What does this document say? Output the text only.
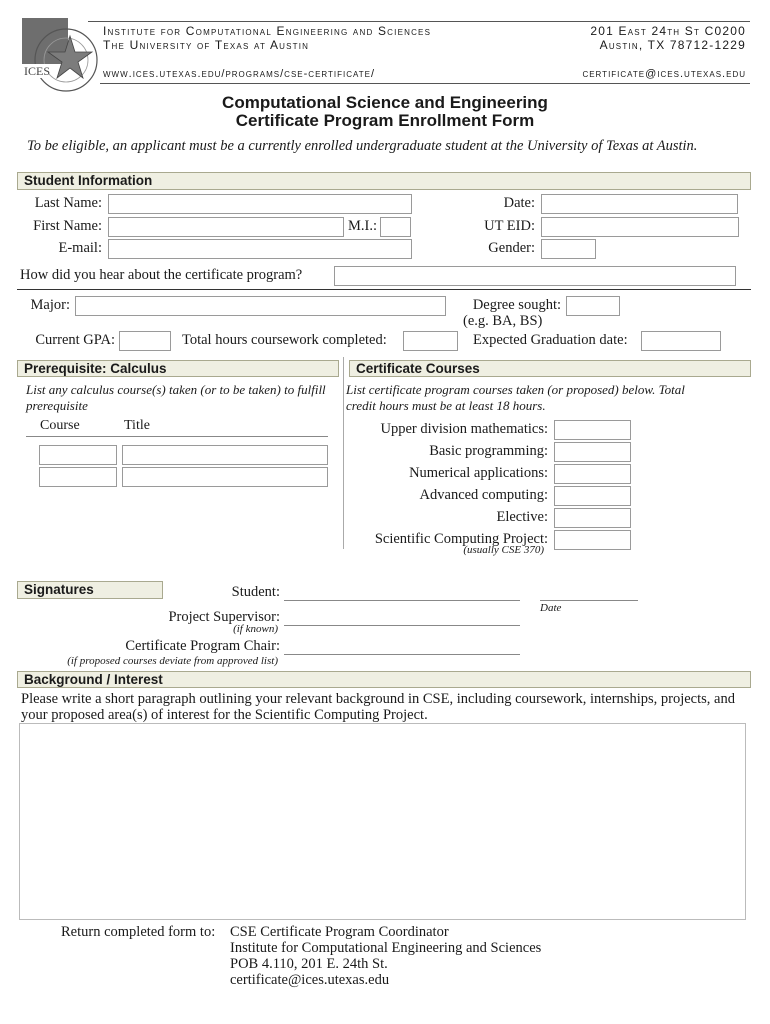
ICES
Institute for Computational Engineering and Sciences
The University of Texas at Austin
www.ices.utexas.edu/programs/cse-certificate/
201 East 24th St C0200
Austin, TX 78712-1229
certificate@ices.utexas.edu
Computational Science and Engineering
Certificate Program Enrollment Form
To be eligible, an applicant must be a currently enrolled undergraduate student at the University of Texas at Austin.
Student Information
Last Name:	Date:
First Name:	M.I.:	UT EID:
E-mail:	Gender:
How did you hear about the certificate program?
Major:	Degree sought:
(e.g. BA, BS)
Current GPA:	Total hours coursework completed:	Expected Graduation date:
Prerequisite: Calculus
List any calculus course(s) taken (or to be taken) to fulfill prerequisite
Course	Title
Certificate Courses
List certificate program courses taken (or proposed) below. Total credit hours must be at least 18 hours.
Upper division mathematics:
Basic programming:
Numerical applications:
Advanced computing:
Elective:
Scientific Computing Project:
(usually CSE 370)
Signatures	Student:
Date
Project Supervisor:
(if known)
Certificate Program Chair:
(if proposed courses deviate from approved list)
Background / Interest
Please write a short paragraph outlining your relevant background in CSE, including coursework, internships, projects, and your proposed area(s) of interest for the Scientific Computing Project.
Return completed form to: CSE Certificate Program Coordinator
Institute for Computational Engineering and Sciences
POB 4.110, 201 E. 24th St.
certificate@ices.utexas.edu
